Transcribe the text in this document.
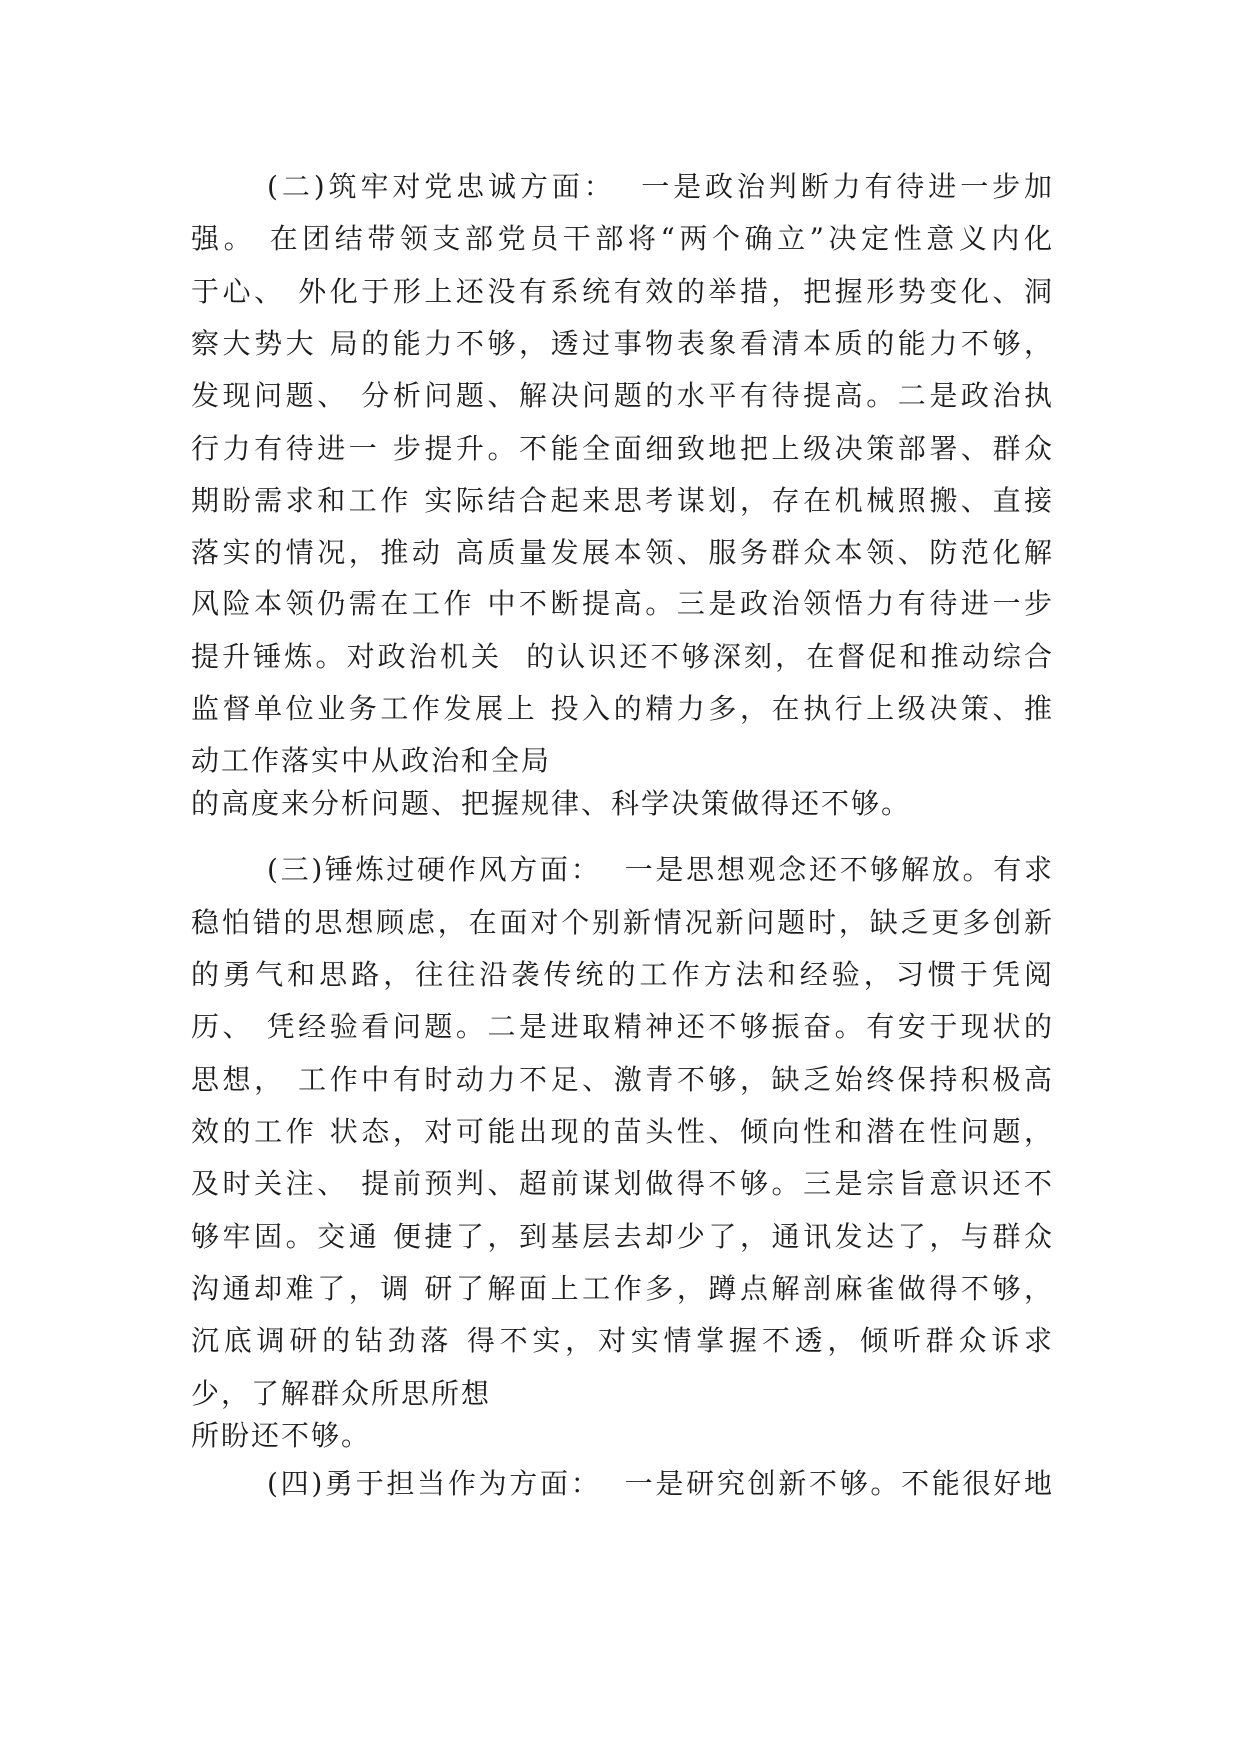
(二)筑牢对党忠诚方面：  一是政治判断力有待进一步加
强。 在团结带领支部党员干部将“两个确立”决定性意义内化
于心、 外化于形上还没有系统有效的举措，把握形势变化、洞
察大势大 局的能力不够，透过事物表象看清本质的能力不够，
发现问题、 分析问题、解决问题的水平有待提高。二是政治执
行力有待进一 步提升。不能全面细致地把上级决策部署、群众
期盼需求和工作 实际结合起来思考谋划，存在机械照搬、直接
落实的情况，推动 高质量发展本领、服务群众本领、防范化解
风险本领仍需在工作 中不断提高。三是政治领悟力有待进一步
提升锤炼。对政治机关  的认识还不够深刻，在督促和推动综合
监督单位业务工作发展上 投入的精力多，在执行上级决策、推
动工作落实中从政治和全局
的高度来分析问题、把握规律、科学决策做得还不够。
(三)锤炼过硬作风方面：  一是思想观念还不够解放。有求
稳怕错的思想顾虑，在面对个别新情况新问题时，缺乏更多创新
的勇气和思路，往往沿袭传统的工作方法和经验，习惯于凭阅
历、 凭经验看问题。二是进取精神还不够振奋。有安于现状的
思想， 工作中有时动力不足、激青不够，缺乏始终保持积极高
效的工作 状态，对可能出现的苗头性、倾向性和潜在性问题，
及时关注、 提前预判、超前谋划做得不够。三是宗旨意识还不
够牢固。交通 便捷了，到基层去却少了，通讯发达了，与群众
沟通却难了，调 研了解面上工作多，蹲点解剖麻雀做得不够，
沉底调研的钻劲落 得不实，对实情掌握不透，倾听群众诉求
少，了解群众所思所想
所盼还不够。
(四)勇于担当作为方面：  一是研究创新不够。不能很好地
